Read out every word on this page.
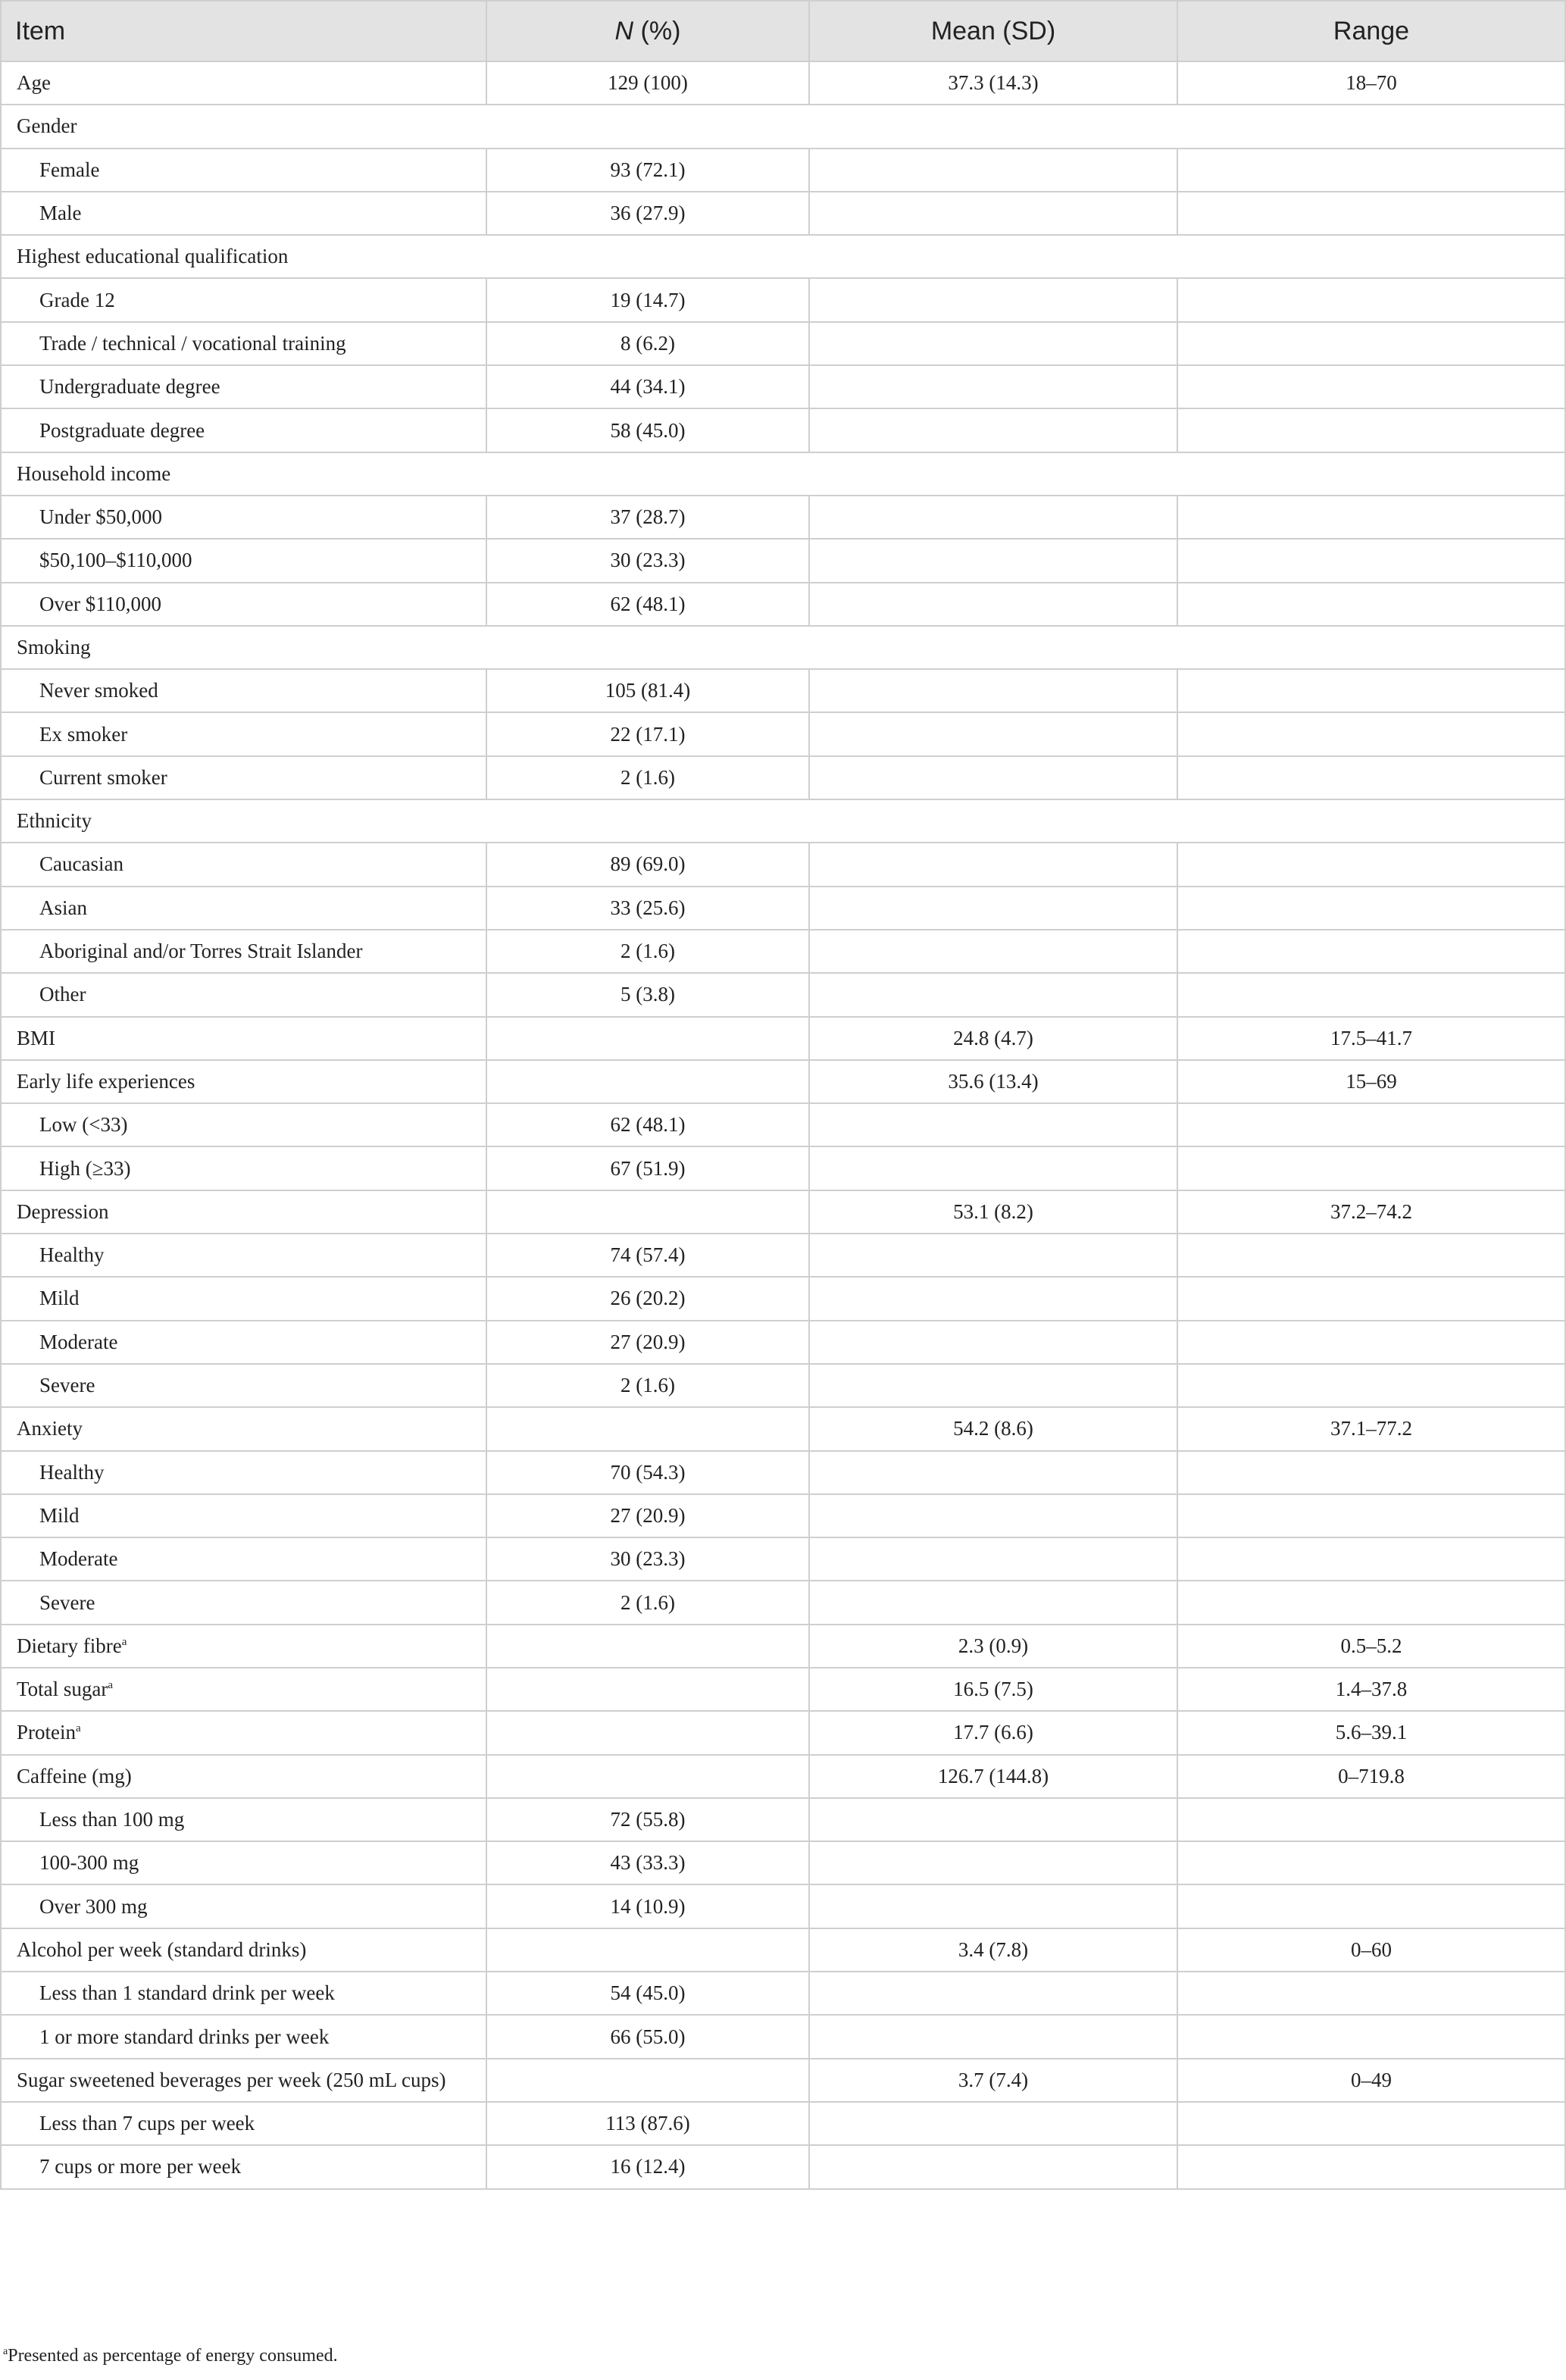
Item	N (%)	Mean (SD)	Range
Age	129 (100)	37.3 (14.3)	18–70
Gender			
Female	93 (72.1)		
Male	36 (27.9)		
Highest educational qualification			
Grade 12	19 (14.7)		
Trade / technical / vocational training	8 (6.2)		
Undergraduate degree	44 (34.1)		
Postgraduate degree	58 (45.0)		
Household income			
Under $50,000	37 (28.7)		
$50,100–$110,000	30 (23.3)		
Over $110,000	62 (48.1)		
Smoking			
Never smoked	105 (81.4)		
Ex smoker	22 (17.1)		
Current smoker	2 (1.6)		
Ethnicity			
Caucasian	89 (69.0)		
Asian	33 (25.6)		
Aboriginal and/or Torres Strait Islander	2 (1.6)		
Other	5 (3.8)		
BMI		24.8 (4.7)	17.5–41.7
Early life experiences		35.6 (13.4)	15–69
Low (<33)	62 (48.1)		
High (≥33)	67 (51.9)		
Depression		53.1 (8.2)	37.2–74.2
Healthy	74 (57.4)		
Mild	26 (20.2)		
Moderate	27 (20.9)		
Severe	2 (1.6)		
Anxiety		54.2 (8.6)	37.1–77.2
Healthy	70 (54.3)		
Mild	27 (20.9)		
Moderate	30 (23.3)		
Severe	2 (1.6)		
Dietary fibre$^a$		2.3 (0.9)	0.5–5.2
Total sugar$^a$		16.5 (7.5)	1.4–37.8
Protein$^a$		17.7 (6.6)	5.6–39.1
Caffeine (mg)		126.7 (144.8)	0–719.8
Less than 100 mg	72 (55.8)		
100-300 mg	43 (33.3)		
Over 300 mg	14 (10.9)		
Alcohol per week (standard drinks)		3.4 (7.8)	0–60
Less than 1 standard drink per week	54 (45.0)		
1 or more standard drinks per week	66 (55.0)		
Sugar sweetened beverages per week (250 mL cups)		3.7 (7.4)	0–49
Less than 7 cups per week	113 (87.6)		
7 cups or more per week	16 (12.4)		
$^a$Presented as percentage of energy consumed.
